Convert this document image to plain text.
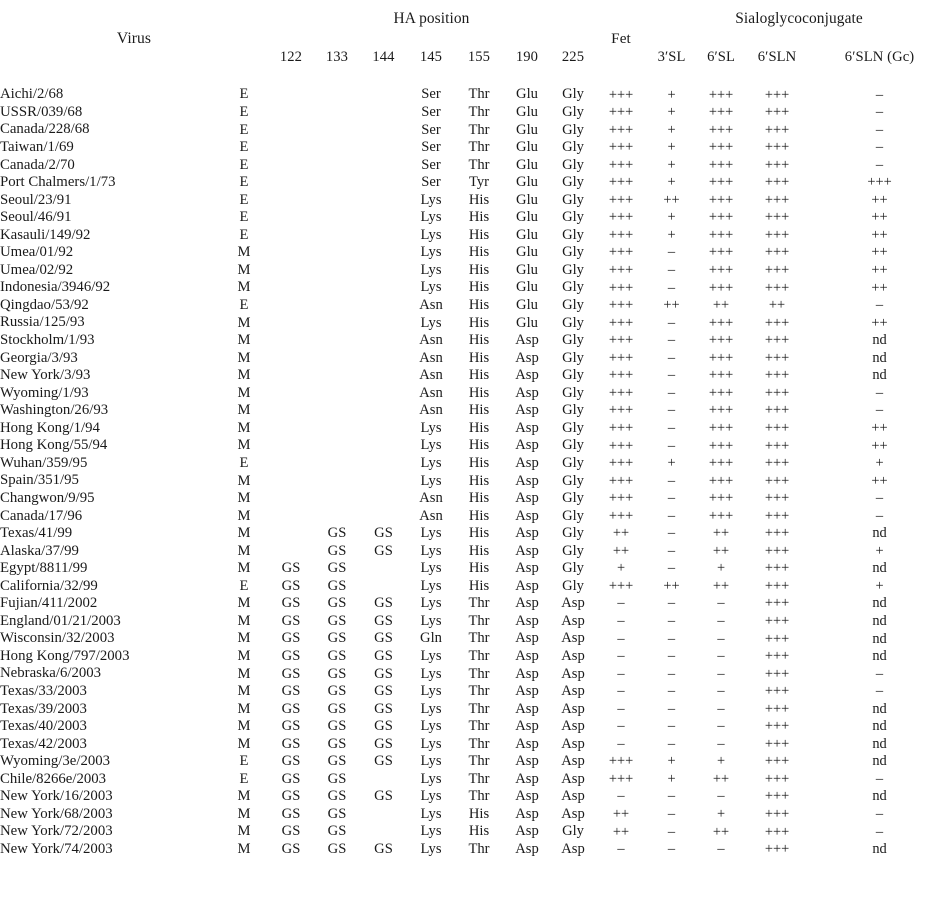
Virus		HA position							Fet	Sialoglycoconjugate			
		122	133	144	145	155	190	225		3′SL	6′SL	6′SLN	6′SLN (Gc)

Aichi/2/68	E				Ser	Thr	Glu	Gly	+++	+	+++	+++	–
USSR/039/68	E				Ser	Thr	Glu	Gly	+++	+	+++	+++	–
Canada/228/68	E				Ser	Thr	Glu	Gly	+++	+	+++	+++	–
Taiwan/1/69	E				Ser	Thr	Glu	Gly	+++	+	+++	+++	–
Canada/2/70	E				Ser	Thr	Glu	Gly	+++	+	+++	+++	–
Port Chalmers/1/73	E				Ser	Tyr	Glu	Gly	+++	+	+++	+++	+++
Seoul/23/91	E				Lys	His	Glu	Gly	+++	++	+++	+++	++
Seoul/46/91	E				Lys	His	Glu	Gly	+++	+	+++	+++	++
Kasauli/149/92	E				Lys	His	Glu	Gly	+++	+	+++	+++	++
Umea/01/92	M				Lys	His	Glu	Gly	+++	–	+++	+++	++
Umea/02/92	M				Lys	His	Glu	Gly	+++	–	+++	+++	++
Indonesia/3946/92	M				Lys	His	Glu	Gly	+++	–	+++	+++	++
Qingdao/53/92	E				Asn	His	Glu	Gly	+++	++	++	++	–
Russia/125/93	M				Lys	His	Glu	Gly	+++	–	+++	+++	++
Stockholm/1/93	M				Asn	His	Asp	Gly	+++	–	+++	+++	nd
Georgia/3/93	M				Asn	His	Asp	Gly	+++	–	+++	+++	nd
New York/3/93	M				Asn	His	Asp	Gly	+++	–	+++	+++	nd
Wyoming/1/93	M				Asn	His	Asp	Gly	+++	–	+++	+++	–
Washington/26/93	M				Asn	His	Asp	Gly	+++	–	+++	+++	–
Hong Kong/1/94	M				Lys	His	Asp	Gly	+++	–	+++	+++	++
Hong Kong/55/94	M				Lys	His	Asp	Gly	+++	–	+++	+++	++
Wuhan/359/95	E				Lys	His	Asp	Gly	+++	+	+++	+++	+
Spain/351/95	M				Lys	His	Asp	Gly	+++	–	+++	+++	++
Changwon/9/95	M				Asn	His	Asp	Gly	+++	–	+++	+++	–
Canada/17/96	M				Asn	His	Asp	Gly	+++	–	+++	+++	–
Texas/41/99	M		GS	GS	Lys	His	Asp	Gly	++	–	++	+++	nd
Alaska/37/99	M		GS	GS	Lys	His	Asp	Gly	++	–	++	+++	+
Egypt/8811/99	M	GS	GS		Lys	His	Asp	Gly	+	–	+	+++	nd
California/32/99	E	GS	GS		Lys	His	Asp	Gly	+++	++	++	+++	+
Fujian/411/2002	M	GS	GS	GS	Lys	Thr	Asp	Asp	–	–	–	+++	nd
England/01/21/2003	M	GS	GS	GS	Lys	Thr	Asp	Asp	–	–	–	+++	nd
Wisconsin/32/2003	M	GS	GS	GS	Gln	Thr	Asp	Asp	–	–	–	+++	nd
Hong Kong/797/2003	M	GS	GS	GS	Lys	Thr	Asp	Asp	–	–	–	+++	nd
Nebraska/6/2003	M	GS	GS	GS	Lys	Thr	Asp	Asp	–	–	–	+++	–
Texas/33/2003	M	GS	GS	GS	Lys	Thr	Asp	Asp	–	–	–	+++	–
Texas/39/2003	M	GS	GS	GS	Lys	Thr	Asp	Asp	–	–	–	+++	nd
Texas/40/2003	M	GS	GS	GS	Lys	Thr	Asp	Asp	–	–	–	+++	nd
Texas/42/2003	M	GS	GS	GS	Lys	Thr	Asp	Asp	–	–	–	+++	nd
Wyoming/3e/2003	E	GS	GS	GS	Lys	Thr	Asp	Asp	+++	+	+	+++	nd
Chile/8266e/2003	E	GS	GS		Lys	Thr	Asp	Asp	+++	+	++	+++	–
New York/16/2003	M	GS	GS	GS	Lys	Thr	Asp	Asp	–	–	–	+++	nd
New York/68/2003	M	GS	GS		Lys	His	Asp	Asp	++	–	+	+++	–
New York/72/2003	M	GS	GS		Lys	His	Asp	Gly	++	–	++	+++	–
New York/74/2003	M	GS	GS	GS	Lys	Thr	Asp	Asp	–	–	–	+++	nd
